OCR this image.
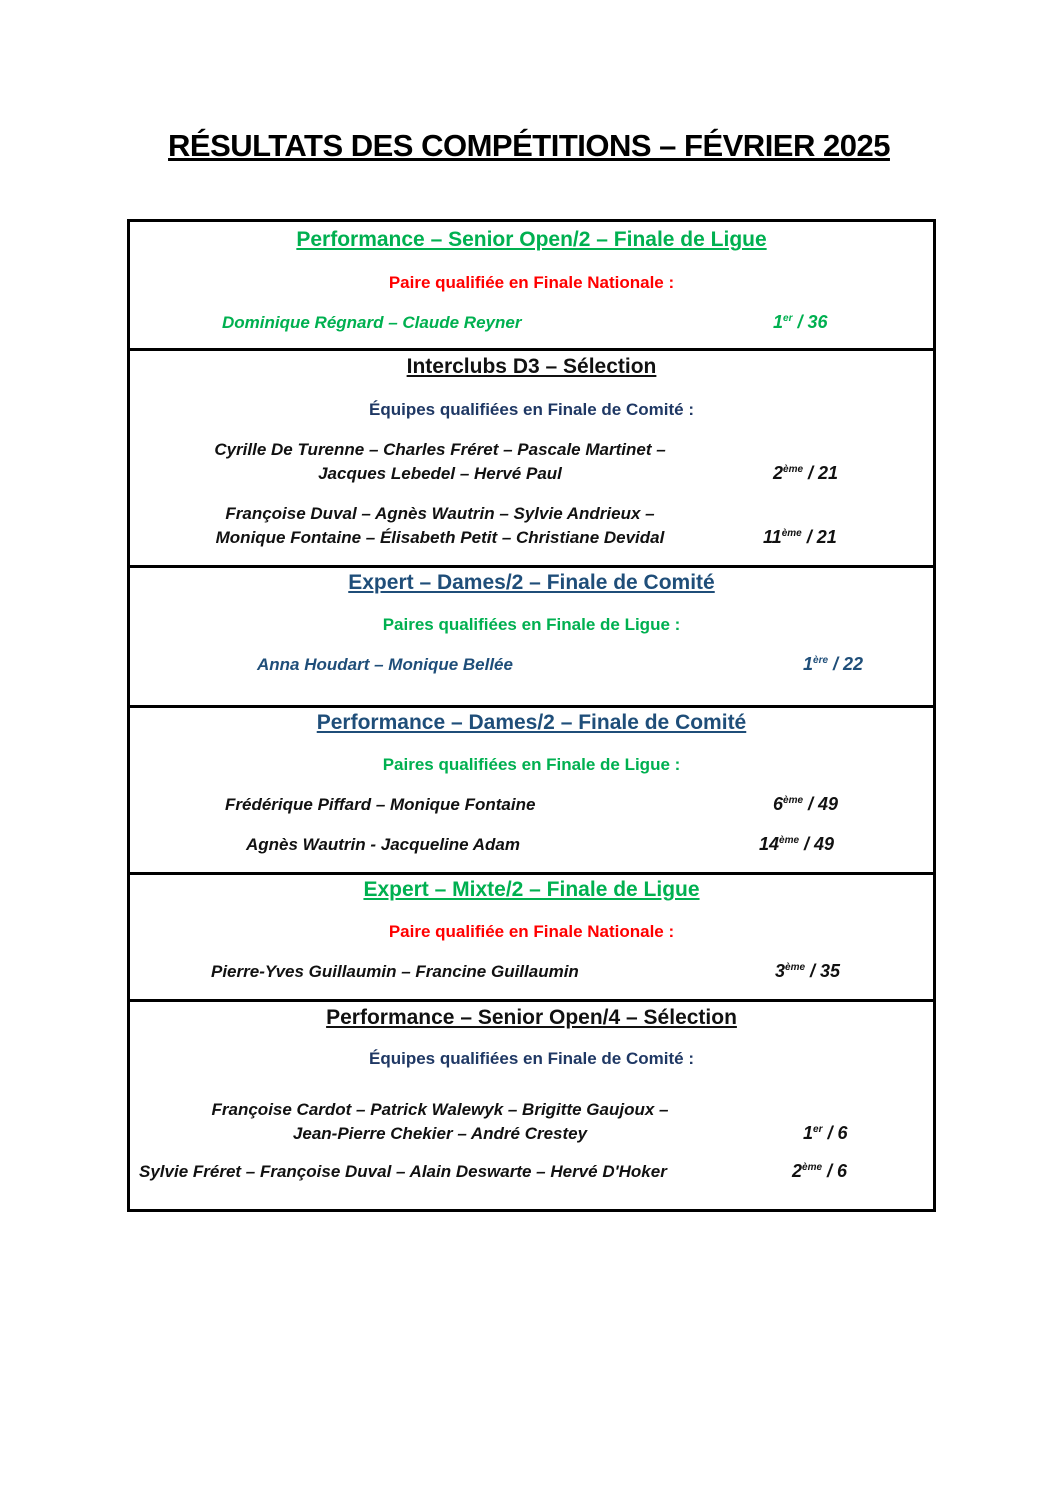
RÉSULTATS DES COMPÉTITIONS – FÉVRIER 2025
Performance – Senior Open/2 – Finale de Ligue
Paire qualifiée en Finale Nationale :
Dominique Régnard – Claude Reyner	1er / 36
Interclubs D3 – Sélection
Équipes qualifiées en Finale de Comité :
Cyrille De Turenne – Charles Fréret – Pascale Martinet –
Jacques Lebedel – Hervé Paul	2ème / 21
Françoise Duval – Agnès Wautrin – Sylvie Andrieux –
Monique Fontaine – Élisabeth Petit – Christiane Devidal	11ème / 21
Expert – Dames/2 – Finale de Comité
Paires qualifiées en Finale de Ligue :
Anna Houdart – Monique Bellée	1ère / 22
Performance – Dames/2 – Finale de Comité
Paires qualifiées en Finale de Ligue :
Frédérique Piffard – Monique Fontaine	6ème / 49
Agnès Wautrin - Jacqueline Adam	14ème / 49
Expert – Mixte/2 – Finale de Ligue
Paire qualifiée en Finale Nationale :
Pierre-Yves Guillaumin – Francine Guillaumin	3ème / 35
Performance – Senior Open/4 – Sélection
Équipes qualifiées en Finale de Comité :
Françoise Cardot – Patrick Walewyk – Brigitte Gaujoux –
Jean-Pierre Chekier – André Crestey	1er / 6
Sylvie Fréret – Françoise Duval – Alain Deswarte – Hervé D'Hoker	2ème / 6
